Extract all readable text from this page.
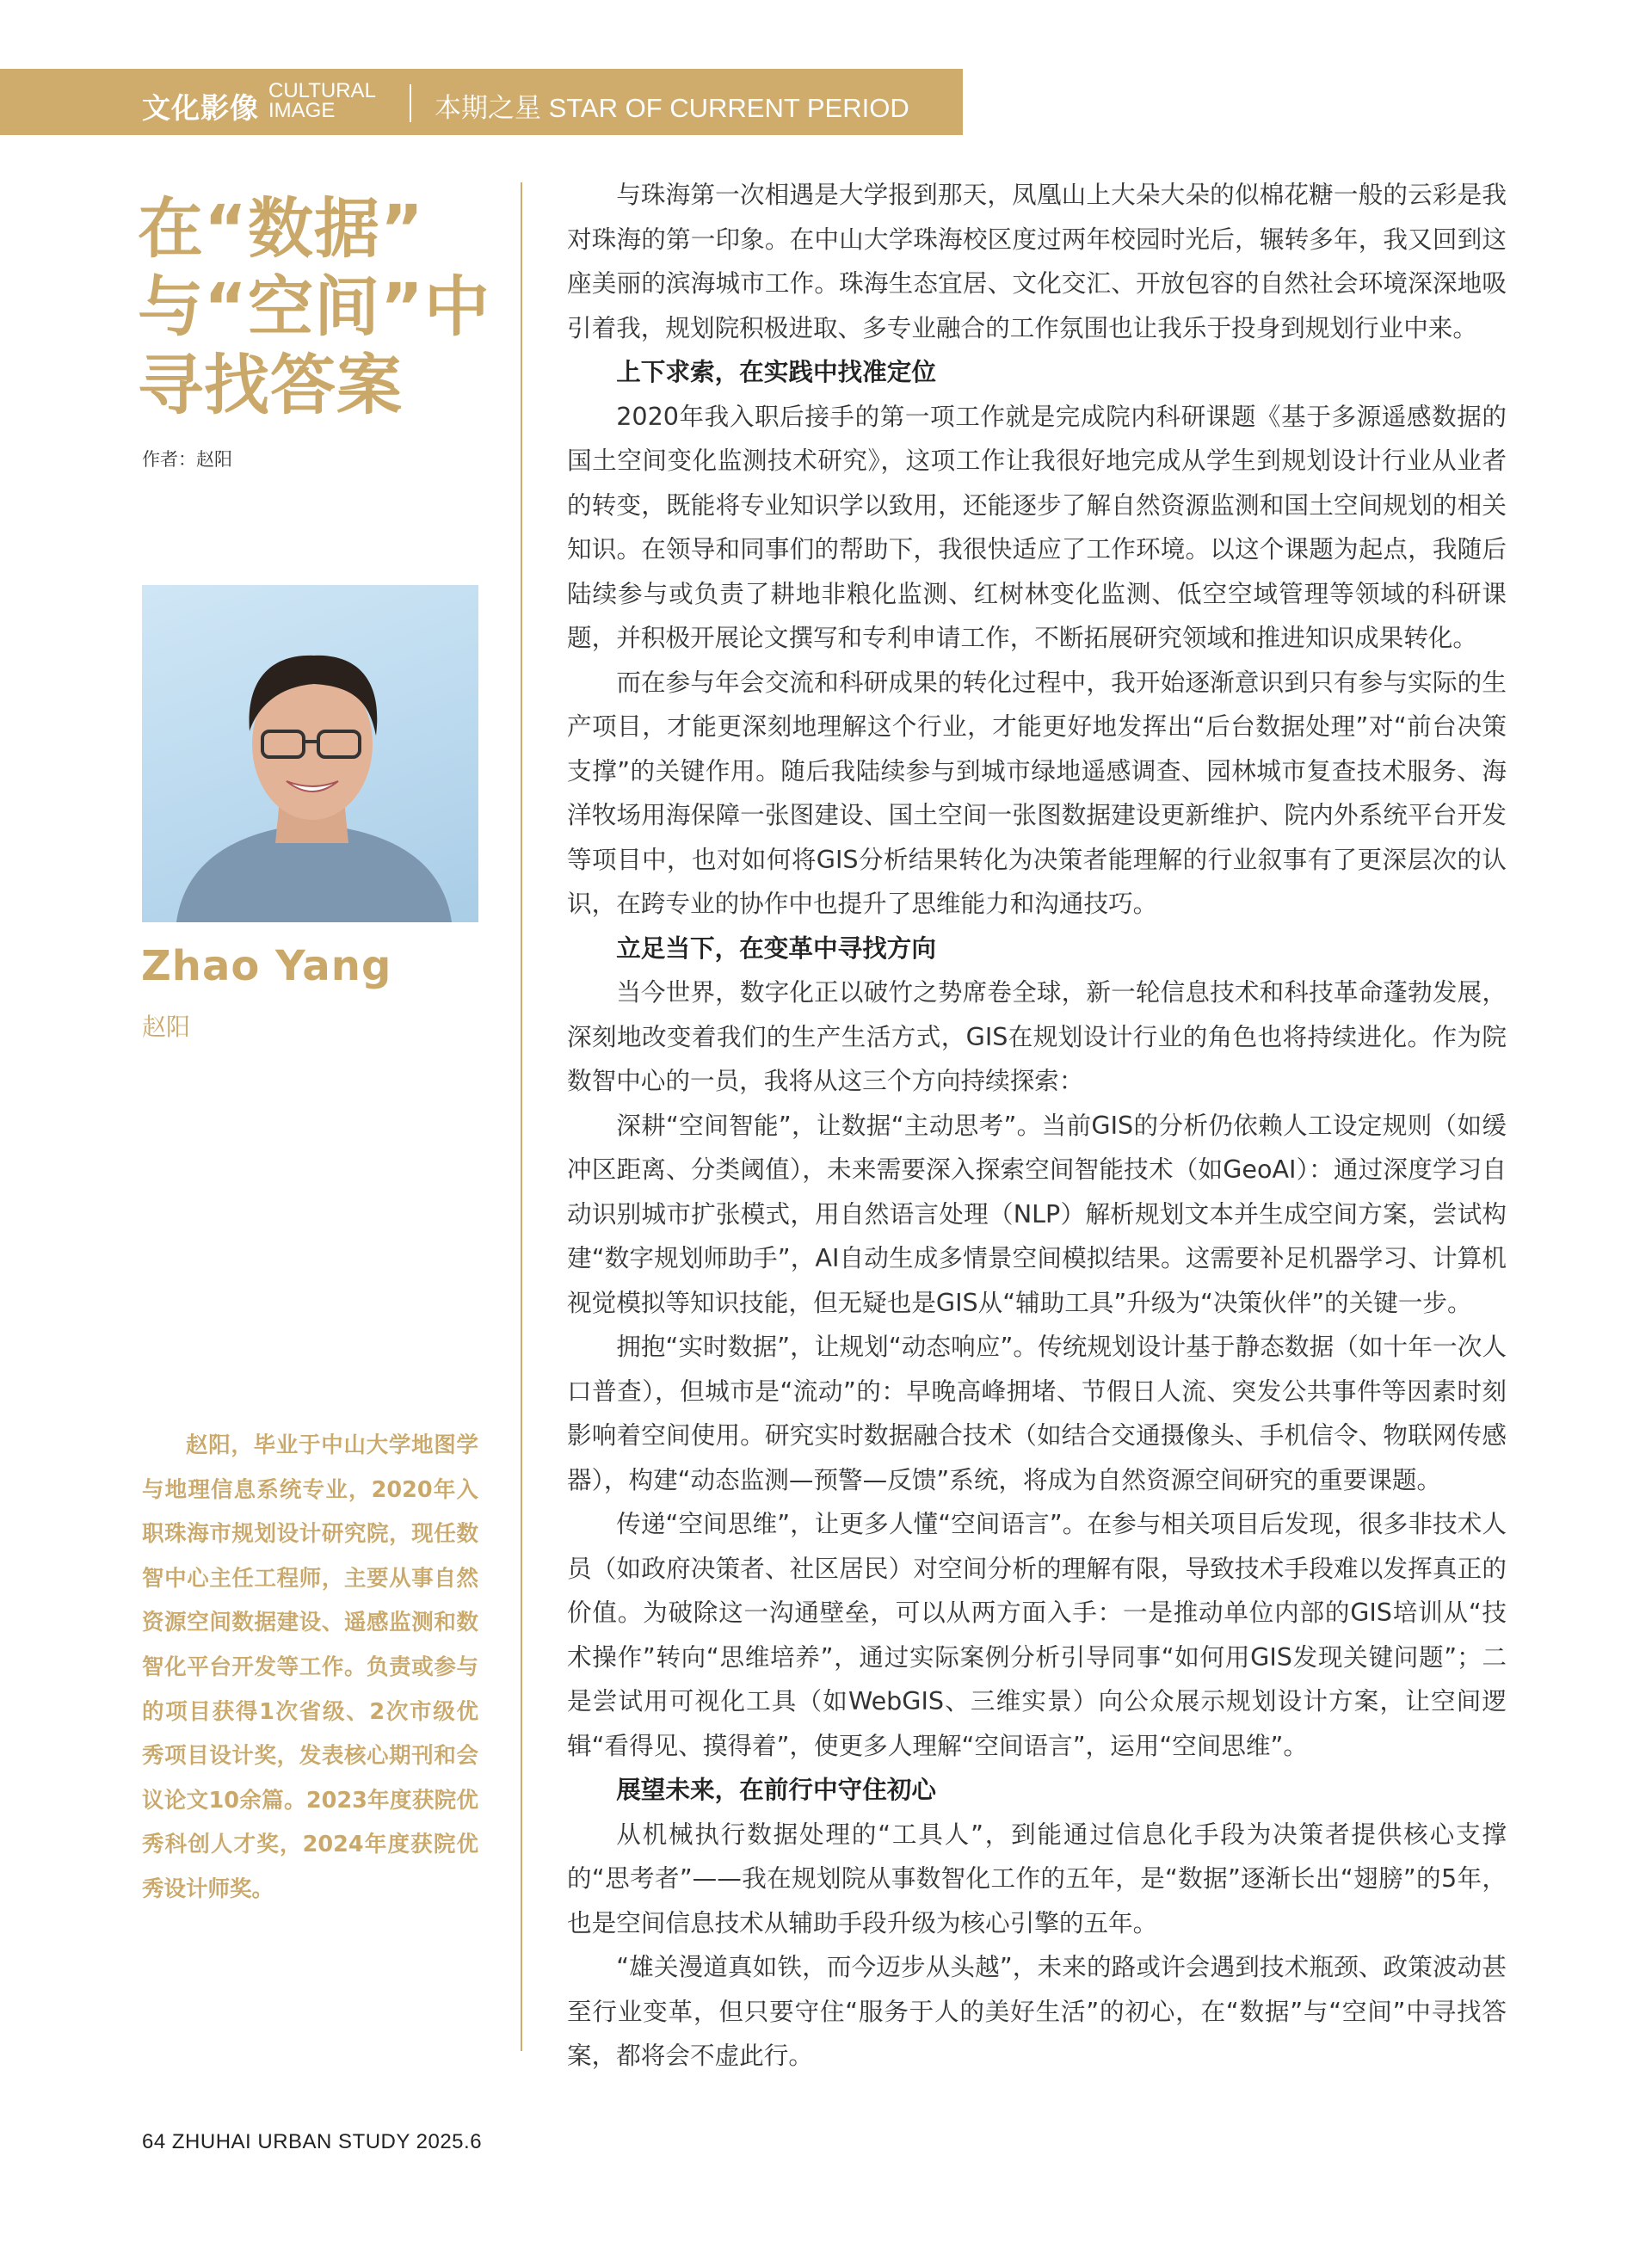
文化影像
CULTURAL
IMAGE	本期之星 STAR OF CURRENT PERIOD
在“数据”
与“空间”中
寻找答案
作者：赵阳
Zhao Yang
赵阳
赵阳，毕业于中山大学地图学与地理信息系统专业，2020年入职珠海市规划设计研究院，现任数智中心主任工程师，主要从事自然资源空间数据建设、遥感监测和数智化平台开发等工作。负责或参与的项目获得1次省级、2次市级优秀项目设计奖，发表核心期刊和会议论文10余篇。2023年度获院优秀科创人才奖，2024年度获院优秀设计师奖。

与珠海第一次相遇是大学报到那天，凤凰山上大朵大朵的似棉花糖一般的云彩是我对珠海的第一印象。在中山大学珠海校区度过两年校园时光后，辗转多年，我又回到这座美丽的滨海城市工作。珠海生态宜居、文化交汇、开放包容的自然社会环境深深地吸引着我，规划院积极进取、多专业融合的工作氛围也让我乐于投身到规划行业中来。

上下求索，在实践中找准定位

2020年我入职后接手的第一项工作就是完成院内科研课题《基于多源遥感数据的国土空间变化监测技术研究》，这项工作让我很好地完成从学生到规划设计行业从业者的转变，既能将专业知识学以致用，还能逐步了解自然资源监测和国土空间规划的相关知识。在领导和同事们的帮助下，我很快适应了工作环境。以这个课题为起点，我随后陆续参与或负责了耕地非粮化监测、红树林变化监测、低空空域管理等领域的科研课题，并积极开展论文撰写和专利申请工作，不断拓展研究领域和推进知识成果转化。

而在参与年会交流和科研成果的转化过程中，我开始逐渐意识到只有参与实际的生产项目，才能更深刻地理解这个行业，才能更好地发挥出“后台数据处理”对“前台决策支撑”的关键作用。随后我陆续参与到城市绿地遥感调查、园林城市复查技术服务、海洋牧场用海保障一张图建设、国土空间一张图数据建设更新维护、院内外系统平台开发等项目中，也对如何将GIS分析结果转化为决策者能理解的行业叙事有了更深层次的认识，在跨专业的协作中也提升了思维能力和沟通技巧。

立足当下，在变革中寻找方向

当今世界，数字化正以破竹之势席卷全球，新一轮信息技术和科技革命蓬勃发展，深刻地改变着我们的生产生活方式，GIS在规划设计行业的角色也将持续进化。作为院数智中心的一员，我将从这三个方向持续探索：

深耕“空间智能”，让数据“主动思考”。当前GIS的分析仍依赖人工设定规则（如缓冲区距离、分类阈值），未来需要深入探索空间智能技术（如GeoAI）：通过深度学习自动识别城市扩张模式，用自然语言处理（NLP）解析规划文本并生成空间方案，尝试构建“数字规划师助手”，AI自动生成多情景空间模拟结果。这需要补足机器学习、计算机视觉模拟等知识技能，但无疑也是GIS从“辅助工具”升级为“决策伙伴”的关键一步。

拥抱“实时数据”，让规划“动态响应”。传统规划设计基于静态数据（如十年一次人口普查），但城市是“流动”的：早晚高峰拥堵、节假日人流、突发公共事件等因素时刻影响着空间使用。研究实时数据融合技术（如结合交通摄像头、手机信令、物联网传感器），构建“动态监测—预警—反馈”系统，将成为自然资源空间研究的重要课题。

传递“空间思维”，让更多人懂“空间语言”。在参与相关项目后发现，很多非技术人员（如政府决策者、社区居民）对空间分析的理解有限，导致技术手段难以发挥真正的价值。为破除这一沟通壁垒，可以从两方面入手：一是推动单位内部的GIS培训从“技术操作”转向“思维培养”，通过实际案例分析引导同事“如何用GIS发现关键问题”；二是尝试用可视化工具（如WebGIS、三维实景）向公众展示规划设计方案，让空间逻辑“看得见、摸得着”，使更多人理解“空间语言”，运用“空间思维”。

展望未来，在前行中守住初心

从机械执行数据处理的“工具人”，到能通过信息化手段为决策者提供核心支撑的“思考者”——我在规划院从事数智化工作的五年，是“数据”逐渐长出“翅膀”的5年，也是空间信息技术从辅助手段升级为核心引擎的五年。

“雄关漫道真如铁，而今迈步从头越”，未来的路或许会遇到技术瓶颈、政策波动甚至行业变革，但只要守住“服务于人的美好生活”的初心，在“数据”与“空间”中寻找答案，都将会不虚此行。

64 ZHUHAI URBAN STUDY 2025.6
